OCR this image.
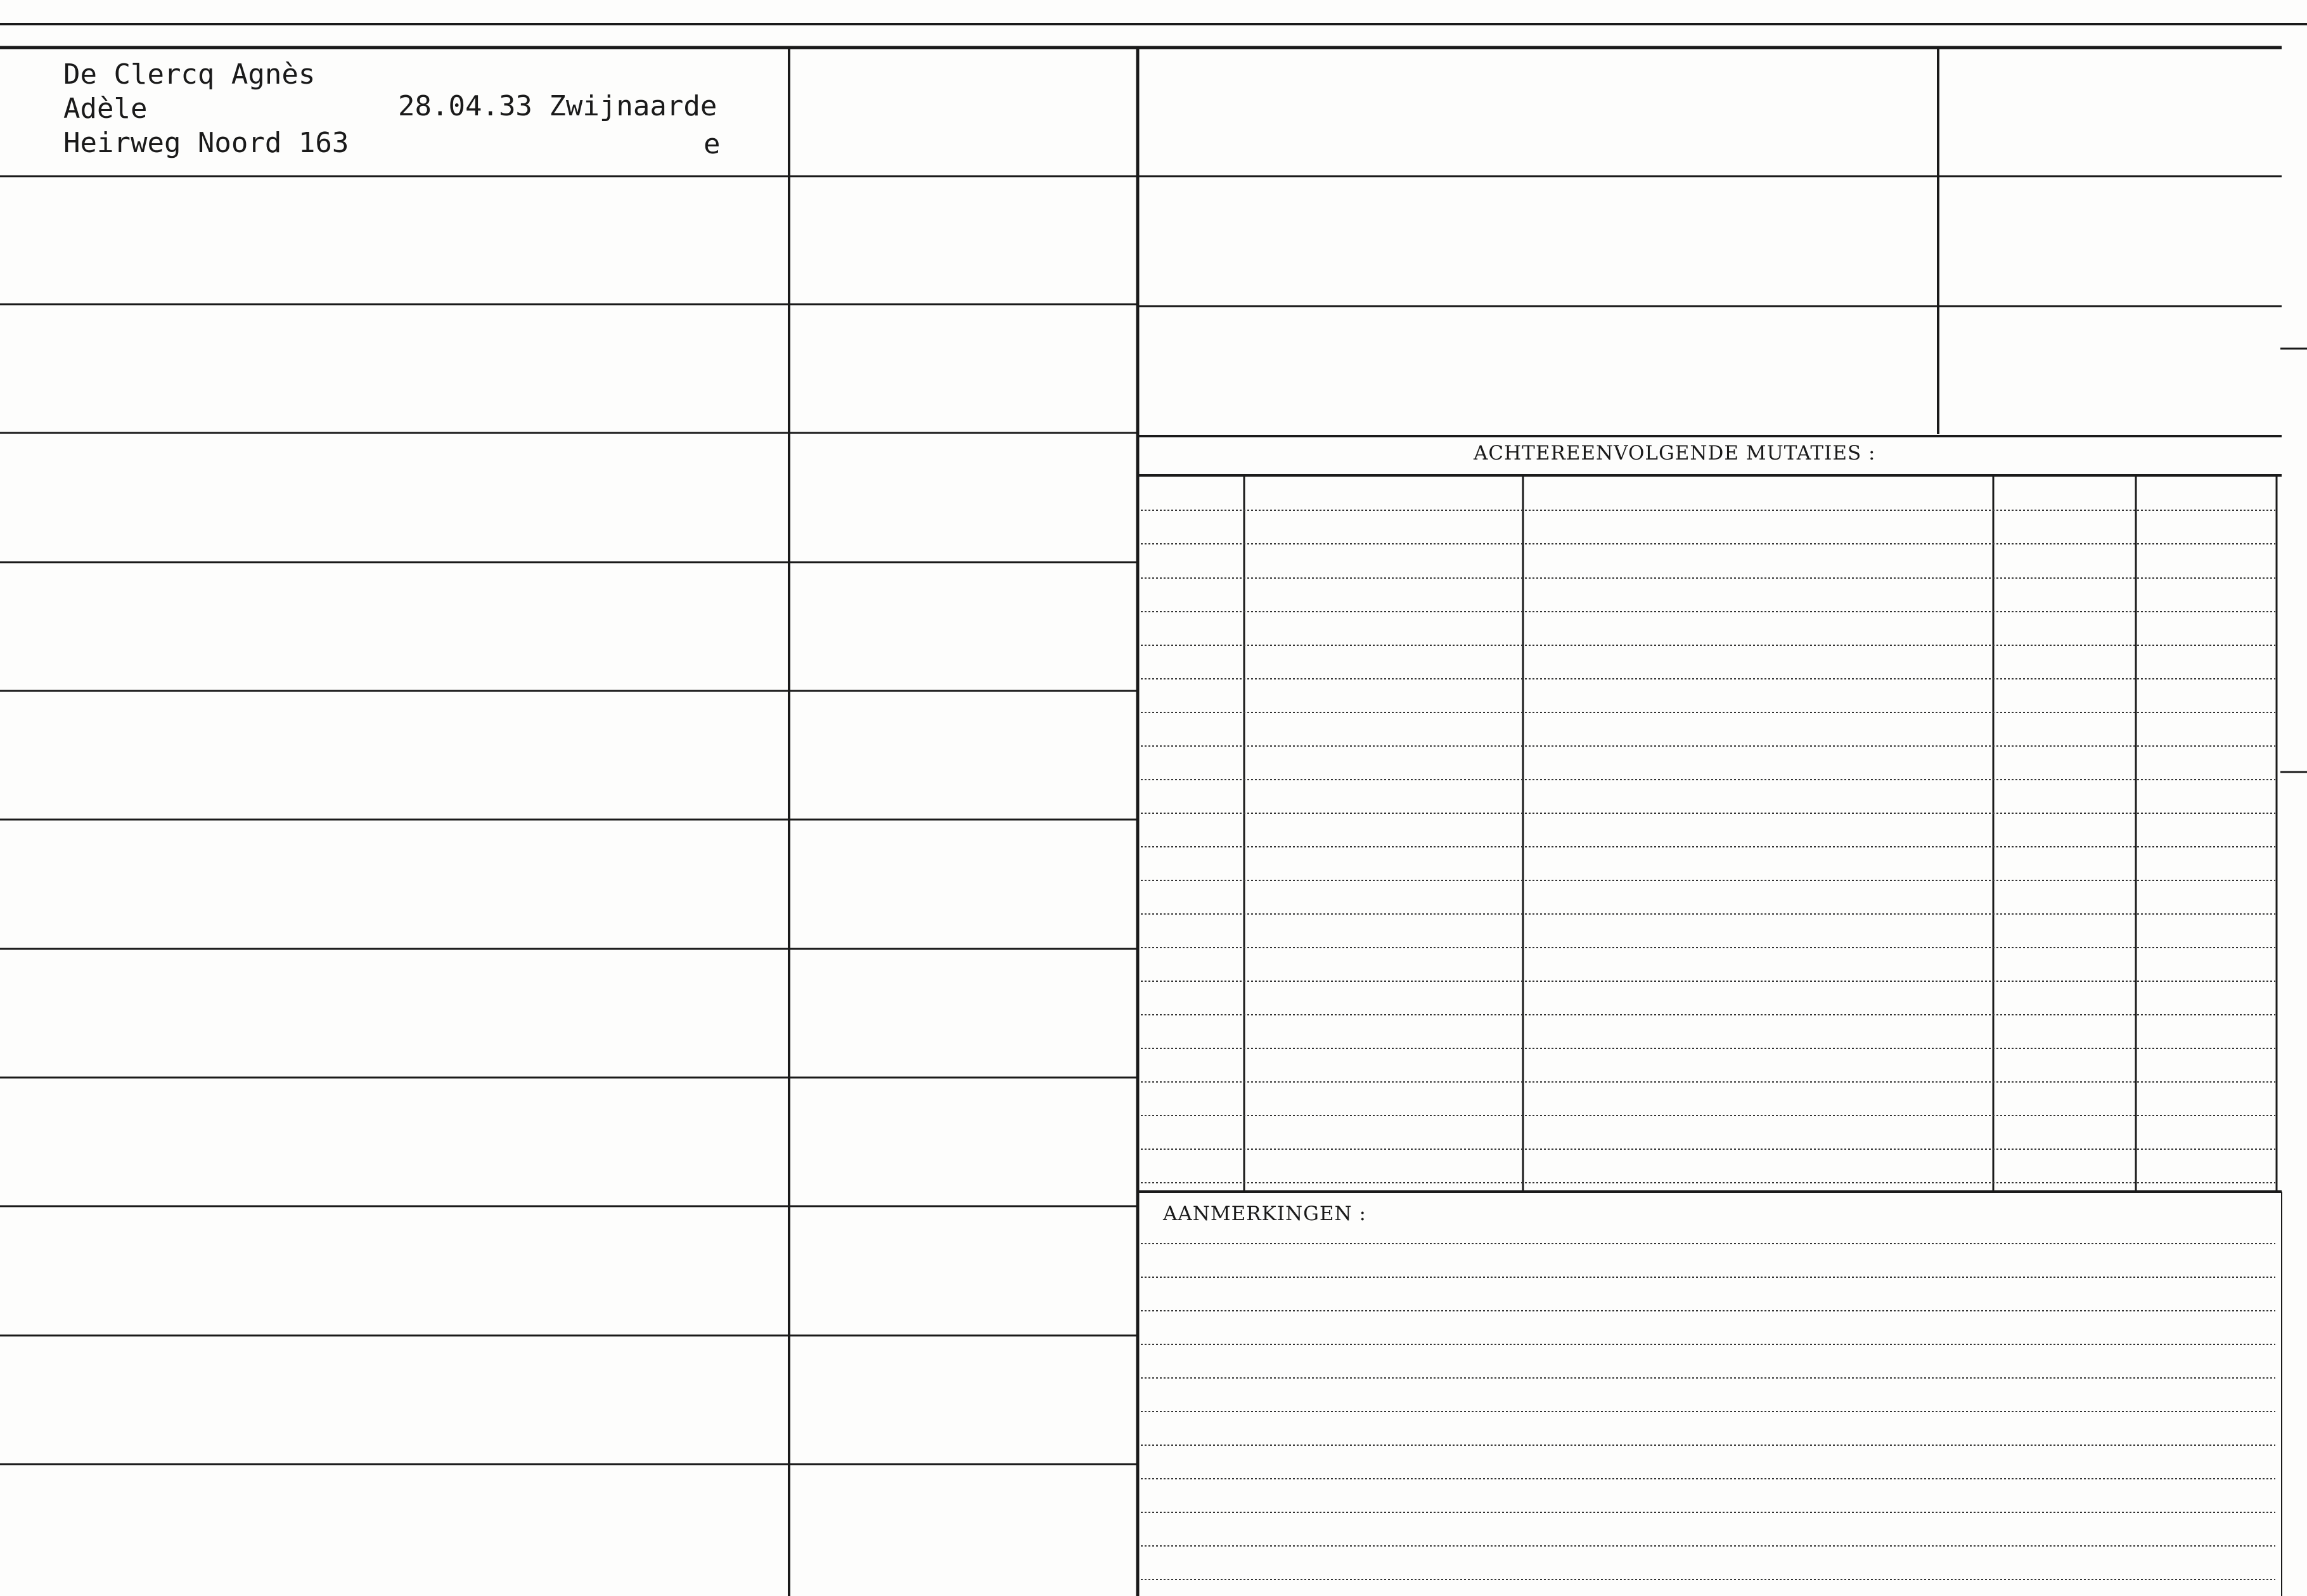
De Clercq Agnès
Adèle
Heirweg Noord 163
28.04.33 Zwijnaarde
e
ACHTEREENVOLGENDE MUTATIES :
AANMERKINGEN :
